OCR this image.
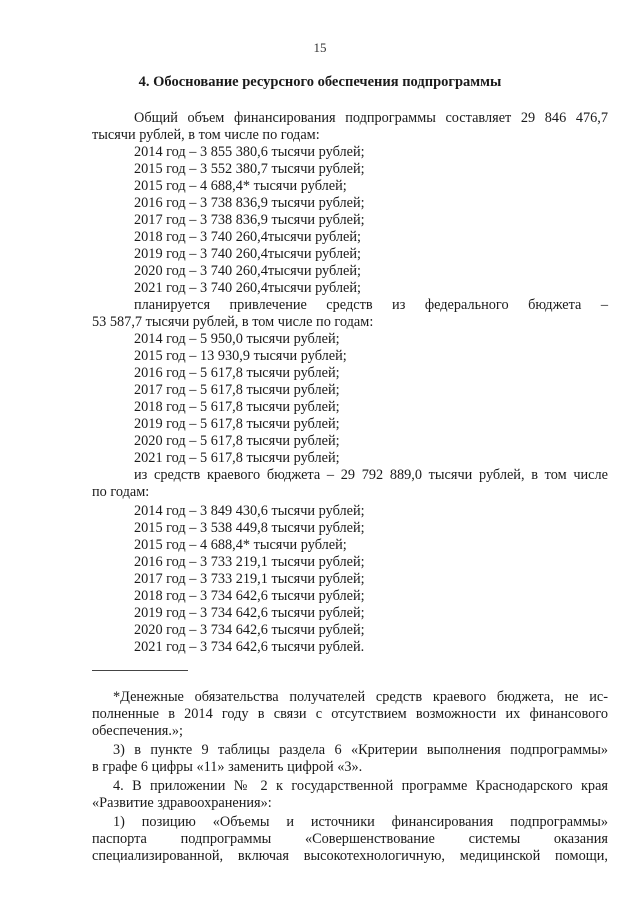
15
4. Обоснование ресурсного обеспечения подпрограммы
Общий объем финансирования подпрограммы составляет 29 846 476,7
тысячи рублей, в том числе по годам:
2014 год – 3 855 380,6 тысячи рублей;
2015 год – 3 552 380,7 тысячи рублей;
2015 год – 4 688,4* тысячи рублей;
2016 год – 3 738 836,9 тысячи рублей;
2017 год – 3 738 836,9 тысячи рублей;
2018 год – 3 740 260,4тысячи рублей;
2019 год – 3 740 260,4тысячи рублей;
2020 год – 3 740 260,4тысячи рублей;
2021 год – 3 740 260,4тысячи рублей;
планируется привлечение средств из федерального бюджета –
53 587,7 тысячи рублей, в том числе по годам:
2014 год – 5 950,0 тысячи рублей;
2015 год – 13 930,9 тысячи рублей;
2016 год – 5 617,8 тысячи рублей;
2017 год – 5 617,8 тысячи рублей;
2018 год – 5 617,8 тысячи рублей;
2019 год – 5 617,8 тысячи рублей;
2020 год – 5 617,8 тысячи рублей;
2021 год – 5 617,8 тысячи рублей;
из средств краевого бюджета – 29 792 889,0 тысячи рублей, в том числе
по годам:
2014 год – 3 849 430,6 тысячи рублей;
2015 год – 3 538 449,8 тысячи рублей;
2015 год – 4 688,4* тысячи рублей;
2016 год – 3 733 219,1 тысячи рублей;
2017 год – 3 733 219,1 тысячи рублей;
2018 год – 3 734 642,6 тысячи рублей;
2019 год – 3 734 642,6 тысячи рублей;
2020 год – 3 734 642,6 тысячи рублей;
2021 год – 3 734 642,6 тысячи рублей.
*Денежные обязательства получателей средств краевого бюджета, не ис-
полненные в 2014 году в связи с отсутствием возможности их финансового
обеспечения.»;
3) в пункте 9 таблицы раздела 6 «Критерии выполнения подпрограммы»
в графе 6 цифры «11» заменить цифрой «3».
4. В приложении № 2 к государственной программе Краснодарского края
«Развитие здравоохранения»:
1) позицию «Объемы и источники финансирования подпрограммы»
паспорта подпрограммы «Совершенствование системы оказания
специализированной, включая высокотехнологичную, медицинской помощи,
